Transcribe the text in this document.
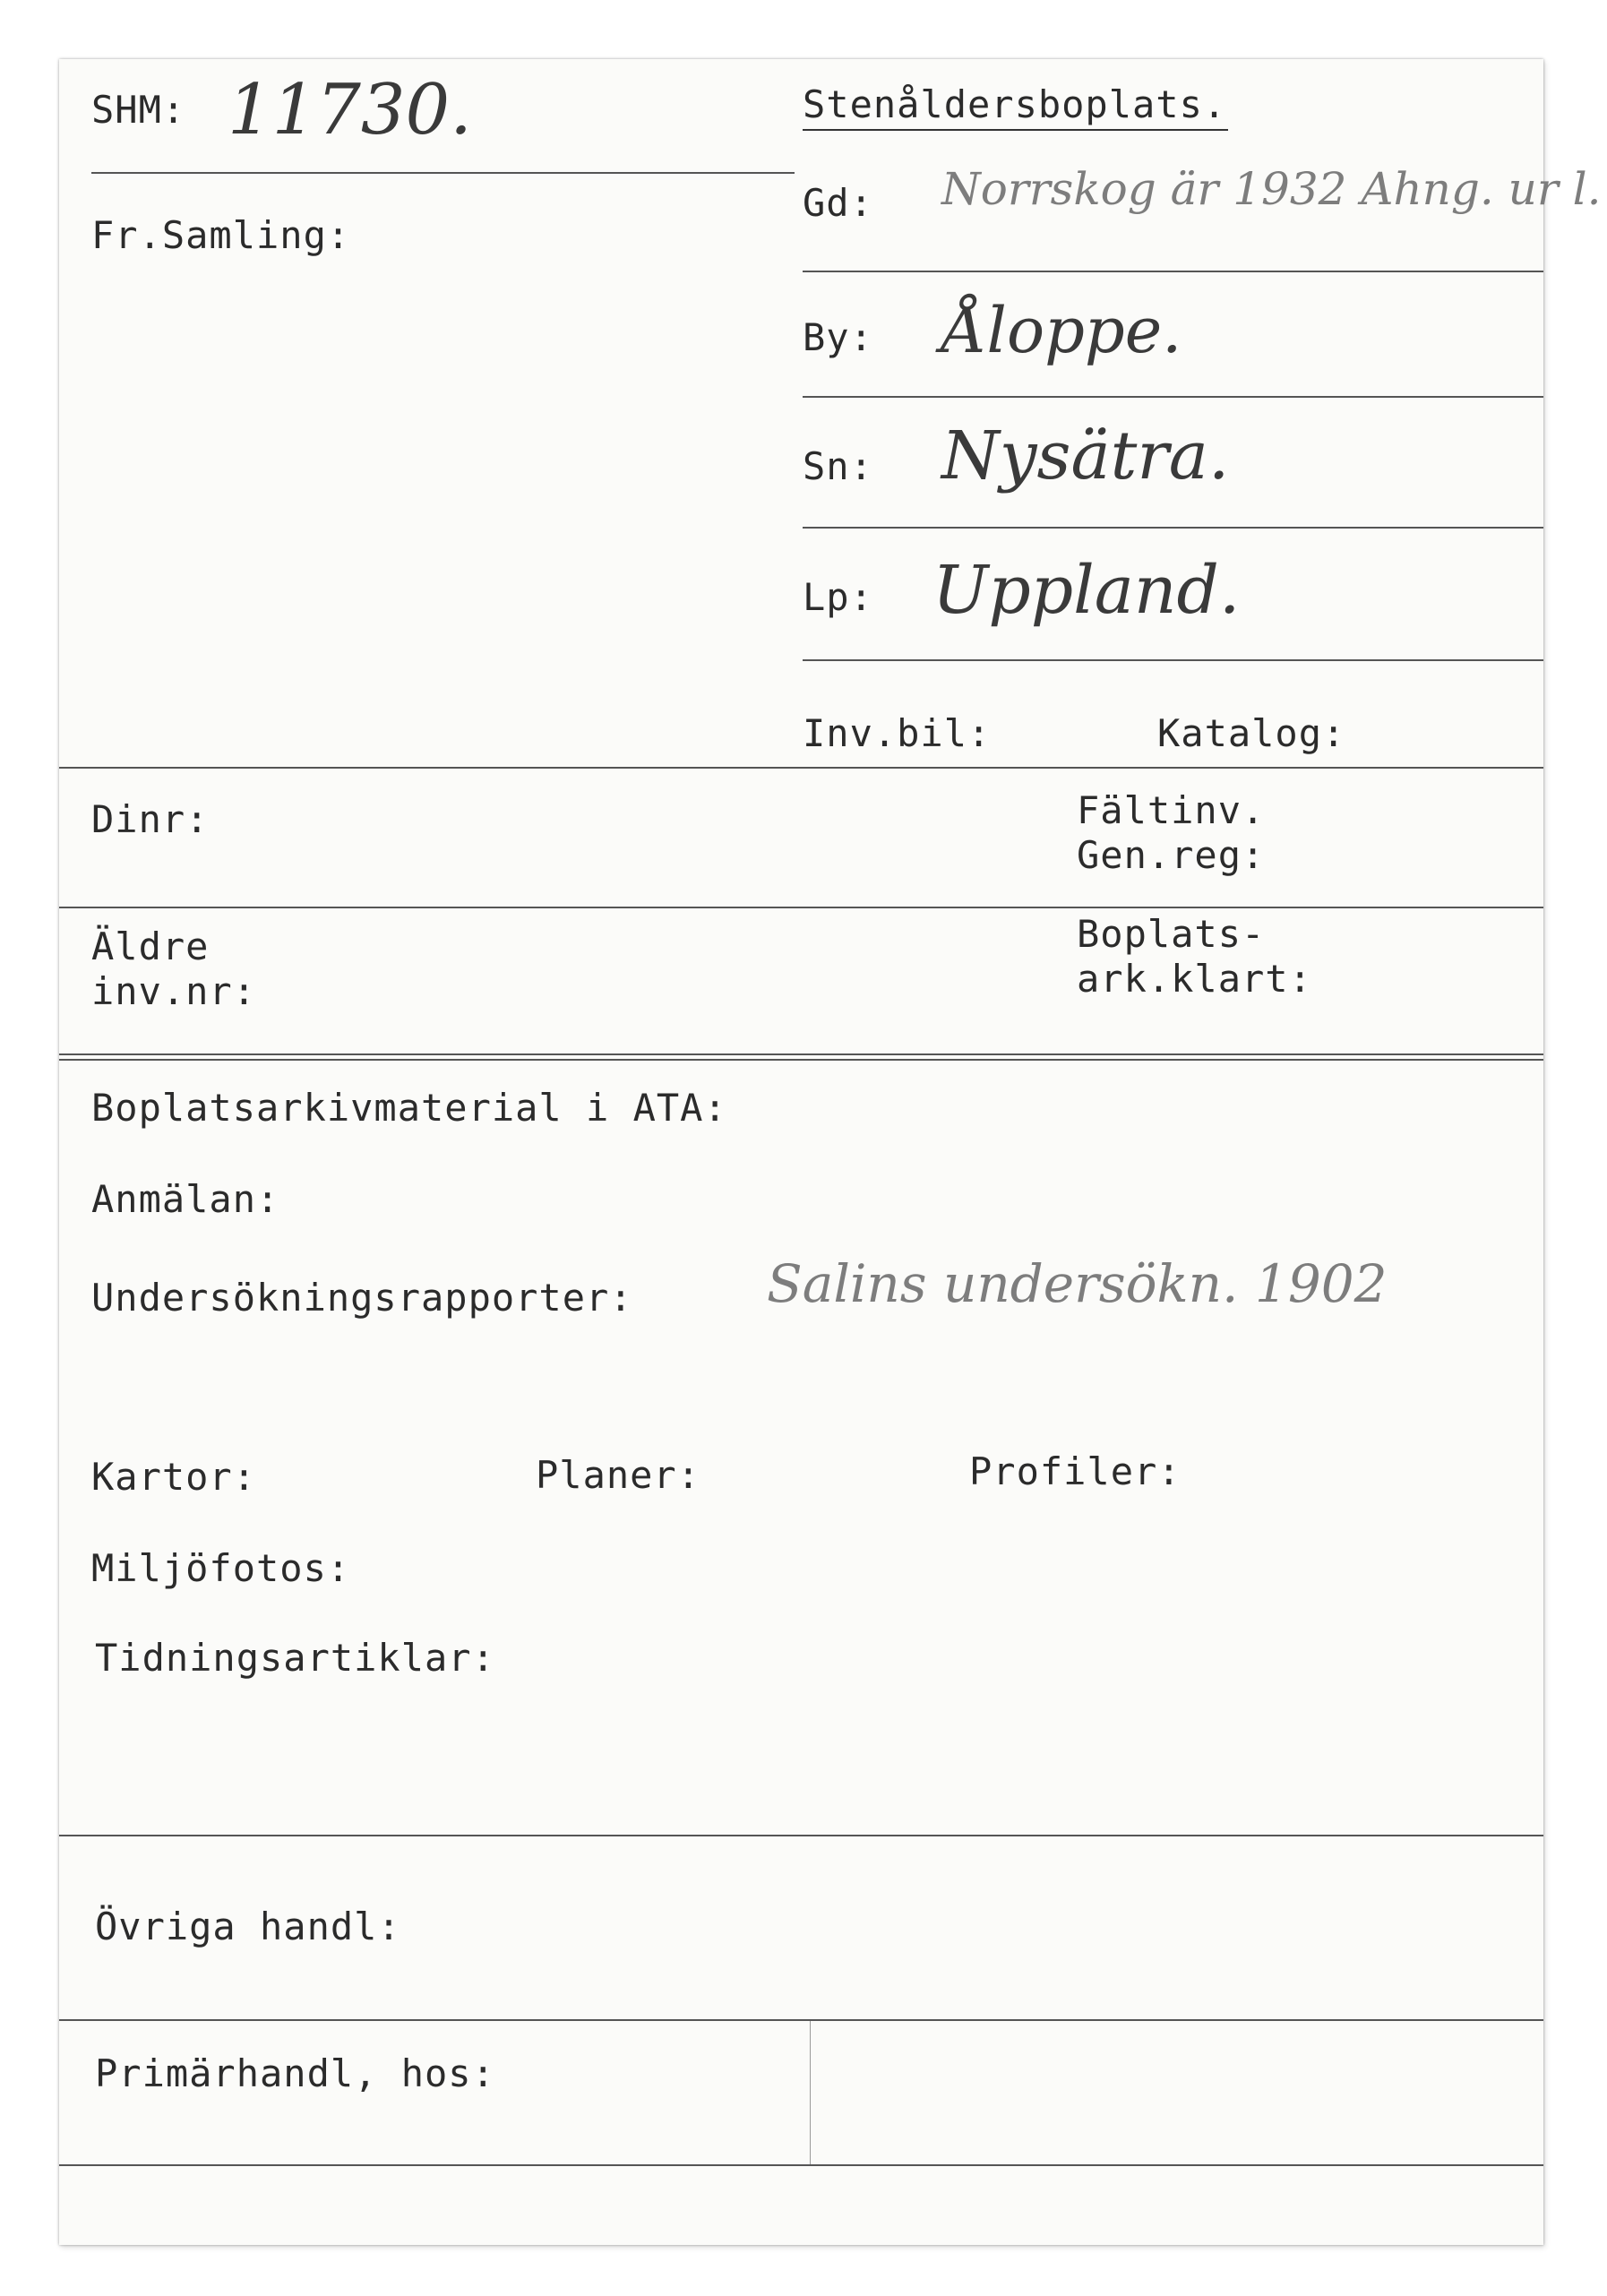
SHM: 11730.	Stenåldersboplats.
Fr.Samling:
Gd: Norrskog är 1932 Ahng. ur l.
By: Åloppe.
Sn: Nysätra.
Lp: Uppland.
Inv.bil:	Katalog:
Dinr:	Fältinv.
Gen.reg:
Äldre
inv.nr:
Boplats-
ark.klart:
Boplatsarkivmaterial i ATA:
Anmälan:
Undersökningsrapporter:	Salins undersökn. 1902
Kartor:	Planer:	Profiler:
Miljöfotos:
Tidningsartiklar:
Övriga handl:
Primärhandl, hos:
